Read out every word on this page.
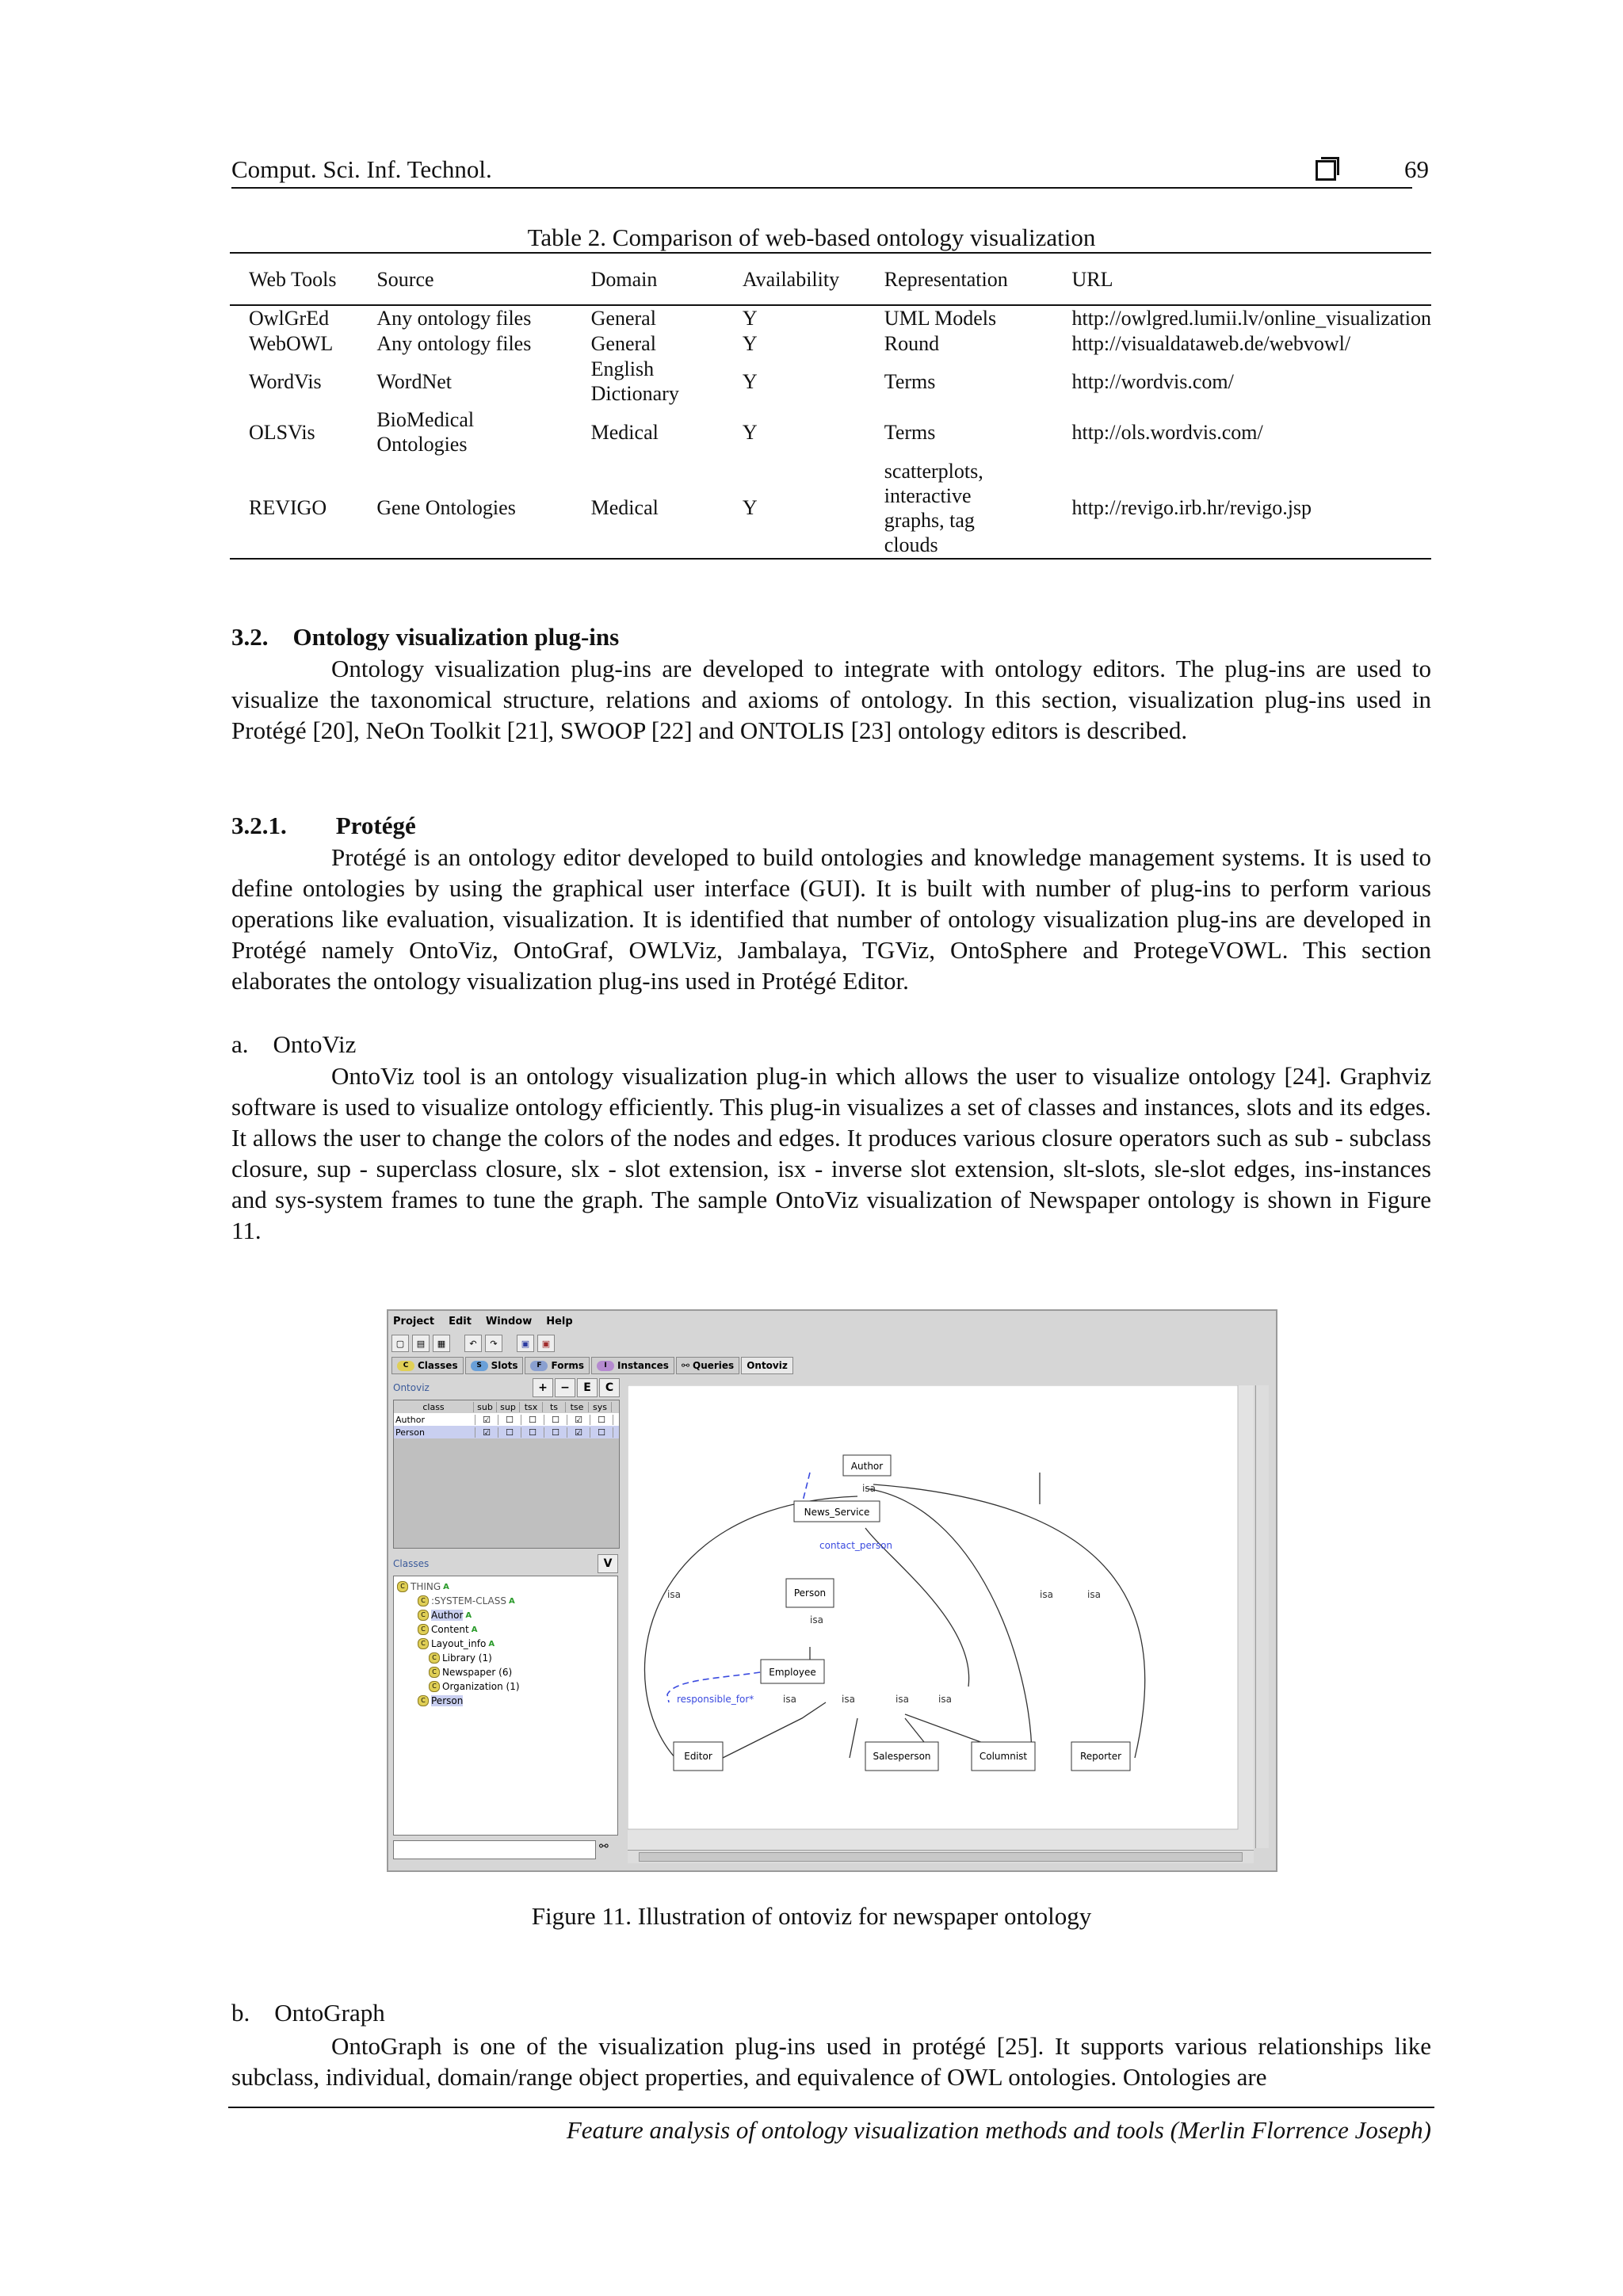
Comput. Sci. Inf. Technol.	69
Table 2. Comparison of web-based ontology visualization
Web Tools	Source	Domain	Availability	Representation	URL
OwlGrEd	Any ontology files	General	Y	UML Models	http://owlgred.lumii.lv/online_visualization
WebOWL	Any ontology files	General	Y	Round	http://visualdataweb.de/webvowl/
WordVis	WordNet	English Dictionary	Y	Terms	http://wordvis.com/
OLSVis	BioMedical Ontologies	Medical	Y	Terms	http://ols.wordvis.com/
REVIGO	Gene Ontologies	Medical	Y	scatterplots, interactive graphs, tag clouds	http://revigo.irb.hr/revigo.jsp
3.2. Ontology visualization plug-ins
Ontology visualization plug-ins are developed to integrate with ontology editors. The plug-ins are used to visualize the taxonomical structure, relations and axioms of ontology. In this section, visualization plug-ins used in Protégé [20], NeOn Toolkit [21], SWOOP [22] and ONTOLIS [23] ontology editors is described.
3.2.1.  Protégé
Protégé is an ontology editor developed to build ontologies and knowledge management systems. It is used to define ontologies by using the graphical user interface (GUI). It is built with number of plug-ins to perform various operations like evaluation, visualization. It is identified that number of ontology visualization plug-ins are developed in Protégé namely OntoViz, OntoGraf, OWLViz, Jambalaya, TGViz, OntoSphere and ProtegeVOWL. This section elaborates the ontology visualization plug-ins used in Protégé Editor.
a. OntoViz
OntoViz tool is an ontology visualization plug-in which allows the user to visualize ontology [24]. Graphviz software is used to visualize ontology efficiently. This plug-in visualizes a set of classes and instances, slots and its edges. It allows the user to change the colors of the nodes and edges. It produces various closure operators such as sub - subclass closure, sup - superclass closure, slx - slot extension, isx - inverse slot extension, slt-slots, sle-slot edges, ins-instances and sys-system frames to tune the graph. The sample OntoViz visualization of Newspaper ontology is shown in Figure 11.
Project Edit Window Help
▢	▤	▦	↶	↷	▣	▣
C Classes	S Slots	F Forms	I	Instances ⚯ Queries Ontoviz
Ontoviz	+	−	E	C
class	sub sup tsx	ts	tse	sys
Author	☑	☐	☐	☐	☑	☐
Person	☑	☐	☐	☐	☑	☐
Classes	V
C THING A
C :SYSTEM-CLASS A
C Author A
C Content A
C Layout_info A
C Library (1)
C Newspaper (6)
C Organization (1)
C Person
⚯
Author
News_Service
Person
Employee
Editor	Salesperson	Columnist	Reporter
isa
isa
isa
isa	isa	isa	isa
isa	isa
contact_person
responsible_for*
Figure 11. Illustration of ontoviz for newspaper ontology
b. OntoGraph
OntoGraph is one of the visualization plug-ins used in protégé [25]. It supports various relationships like subclass, individual, domain/range object properties, and equivalence of OWL ontologies. Ontologies are
Feature analysis of ontology visualization methods and tools (Merlin Florrence Joseph)
